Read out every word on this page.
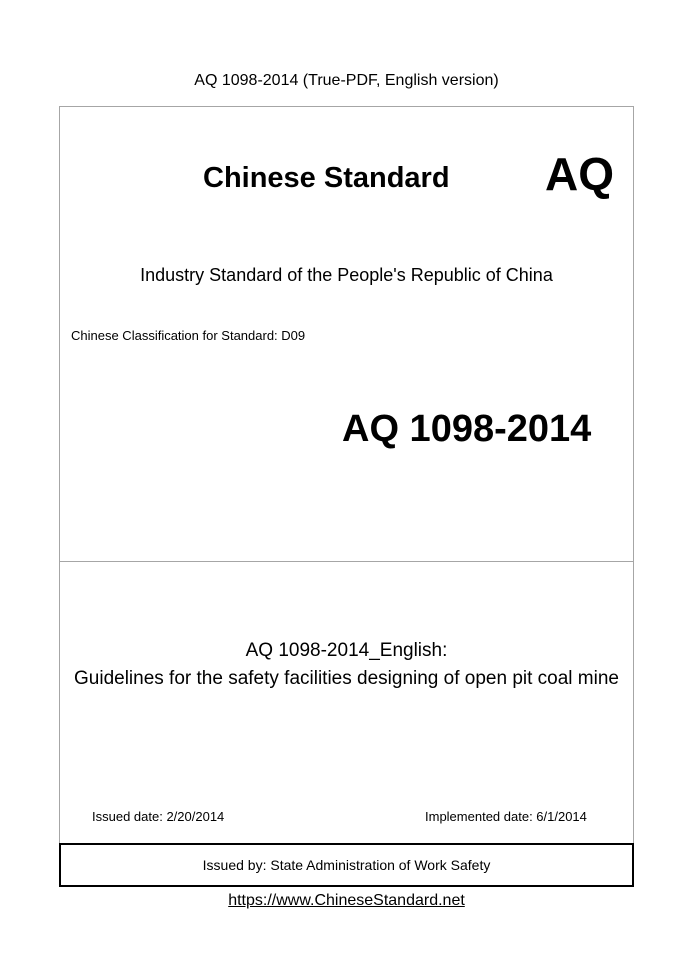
AQ 1098-2014 (True-PDF, English version)
Chinese Standard AQ
Industry Standard of the People's Republic of China
Chinese Classification for Standard: D09
AQ 1098-2014
AQ 1098-2014_English:
Guidelines for the safety facilities designing of open pit coal mine
Issued date: 2/20/2014	Implemented date: 6/1/2014
Issued by: State Administration of Work Safety
https://www.ChineseStandard.net
